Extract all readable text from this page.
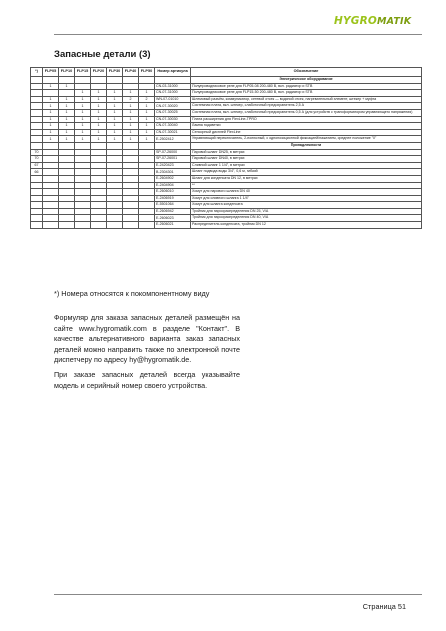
HYGROMATIK
Запасные детали (3)
*)	FLP05	FLP10	FLP15	FLP20	FLP30	FLP40	FLP50	Номер артикула	Обозначение
									Электрическое оборудование
	1	1						CN-03-31000	Полупроводниковое реле для FLP05-08 200-480 В, вкл. радиатор и STB
			1	1	1	1	1	CN-07-31000	Полупроводниковое реле для FLP15-50 200-480 В, вкл. радиатор и STB
	1	1	1	1	1	2	2	WN-07-01010	Шлемовый разъём, коммуникатор, сетевой отсек — водяной отсек, нагревательный элемент, штекер + муфта
	1	1	1	1	1	1	1	CN-07-30020	Системная плата, вкл. штекер, слаботочный предохранитель 2,5 А
	1	1	1	1	1	1	1	CN-07-30025	Системная плата, вкл. штекер, слаботочный предохранитель 0,5 А (для устройств с трансформатором управляющего напряжения)
	1	1	1	1	1	1	1	CN-07-30030	Плата расширения для FlexLine-TPRO
	1	1	1	1	1	1	1	CN-07-30040	Лампа подсветки
	1	1	1	1	1	1	1	CN-07-30021	Сенсорный дисплей FlexLine
	1	1	1	1	1	1	1	E-2502412	Управляющий переключатель, 2-полюсный, с однопозиционной фиксацией/нажатием, среднее положение "0"
									Принадлежности
70								SP-07-26000	Паровой шланг DN25, в метрах
70								SP-07-26001	Паровой шланг DN40, в метрах
67								E-2420423	Сливной шланг 1 1/4", в метрах
66								B-2304301	Шланг подвода воды 3/4", 0,6 м, гибкий
								E-2604902	Шланг для конденсата DN 12, в метрах
								E-2404904	**
								E-2606010	Хомут для парового шланга DN 40
								E-2406919	Хомут для сливного шланга 1 1/4"
								E-5501064	Хомут для шланга конденсата
								E-2606942	Тройник для пароораспределения DN 25, V/A
								E-2606023	Тройник для пароораспределения DN 40, V/A
								E-2606021	Распределитель конденсата, тройник DN 12
*) Номера относятся к покомпонентному виду

Формуляр для заказа запасных деталей размещён на сайте www.hygromatik.com в разделе "Контакт". В качестве альтернативного варианта заказ запасных деталей можно направить также по электронной почте диспетчеру по адресу hy@hygromatik.de.

При заказе запасных деталей всегда указывайте модель и серийный номер своего устройства.

Страница 51
